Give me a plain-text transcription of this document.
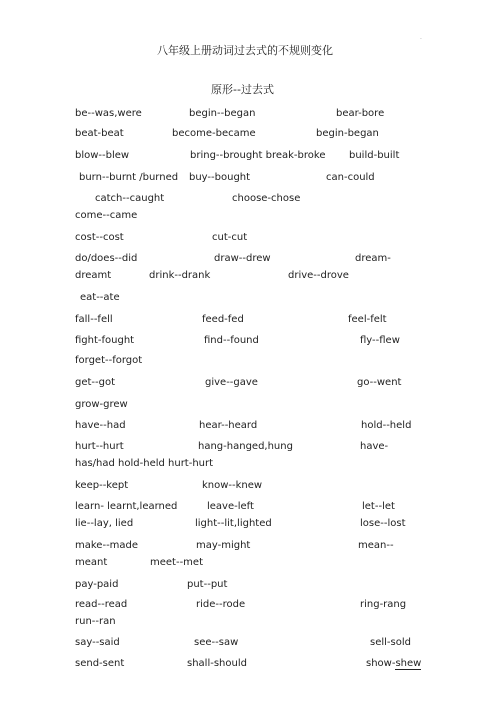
.
八年级上册动词过去式的不规则变化
原形--过去式
be--was,were	begin--began	bear-bore
beat-beat	become-became	begin-began
blow--blew	bring--brought break-broke build-built
burn--burnt /burned buy--bought	can-could
catch--caught	choose-chose
come--came
cost--cost	cut-cut
do/does--did	draw--drew	dream-
dreamt	drink--drank	drive--drove
eat--ate
fall--fell	feed-fed	feel-felt
fight-fought	find--found	fly--flew
forget--forgot
get--got	give--gave	go--went
grow-grew
have--had	hear--heard	hold--held
hurt--hurt	hang-hanged,hung	have-
has/had hold-held hurt-hurt
keep--kept	know--knew
learn- learnt,learned	leave-left	let--let
lie--lay, lied	light--lit,lighted	lose--lost
make--made	may-might	mean--
meant	meet--met
pay-paid	put--put
read--read	ride--rode	ring-rang
run--ran
say--said	see--saw	sell-sold
send-sent	shall-should	show-shew
